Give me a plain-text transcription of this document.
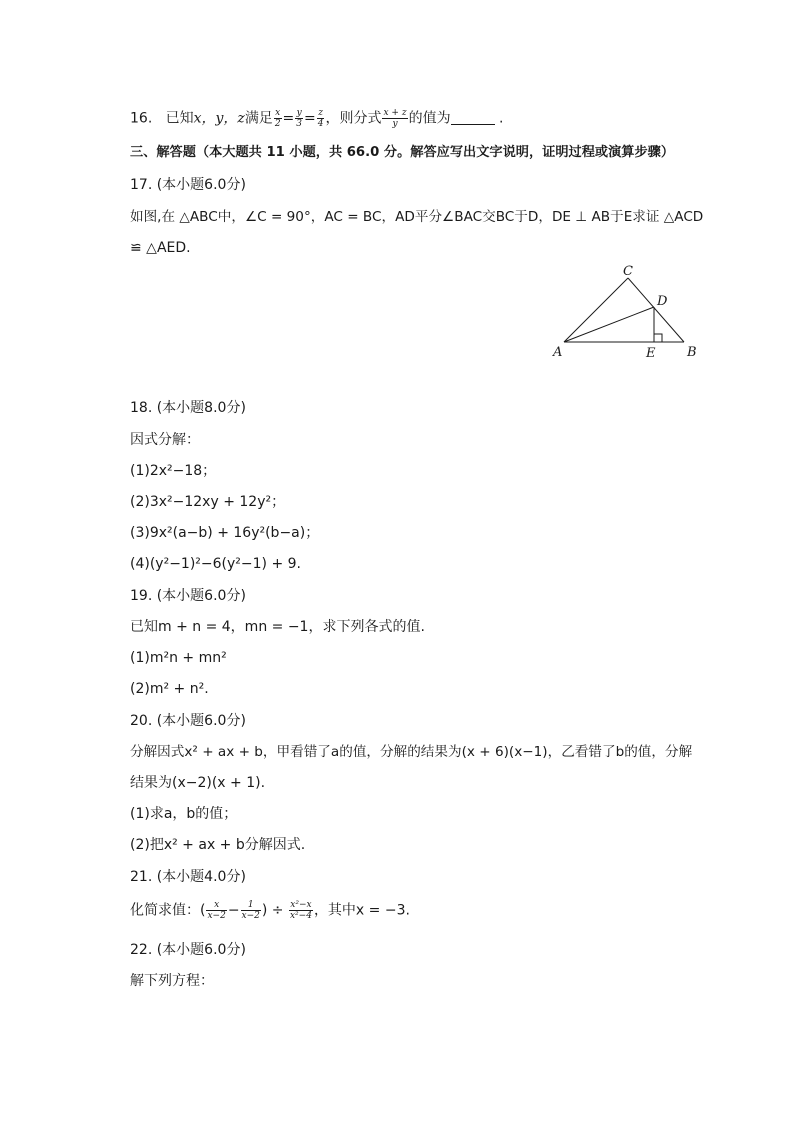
16. 已知x，y，z满足 $\frac{x}{2} = \frac{y}{3} = \frac{z}{4}$ ，则分式 $\frac{x + z}{y}$ 的值为	.
三、解答题（本大题共 11 小题，共 66.0 分。解答应写出文字说明，证明过程或演算步骤）
17. (本小题6.0分)
如图,在 △ABC中，∠C = 90°，AC = BC，AD平分∠BAC交BC于D，DE ⊥ AB于E求证 △ACD
≌ △AED.
A	B
C
D
E
18. (本小题8.0分)
因式分解：
(1)2x²−18；
(2)3x²−12xy + 12y²；
(3)9x²(a−b) + 16y²(b−a)；
(4)(y²−1)²−6(y²−1) + 9.
19. (本小题6.0分)
已知m + n = 4，mn = −1，求下列各式的值.
(1)m²n + mn²
(2)m² + n².
20. (本小题6.0分)
分解因式x² + ax + b，甲看错了a的值，分解的结果为(x + 6)(x−1)，乙看错了b的值，分解
结果为(x−2)(x + 1).
(1)求a，b的值；
(2)把x² + ax + b分解因式.
21. (本小题4.0分)
化简求值：( $\frac{x}{x-2} - \frac{1}{x-2}$ ) ÷ $\frac{\text{x²−x}}{\text{x²−4}}$ ，其中x = −3.
22. (本小题6.0分)
解下列方程：
